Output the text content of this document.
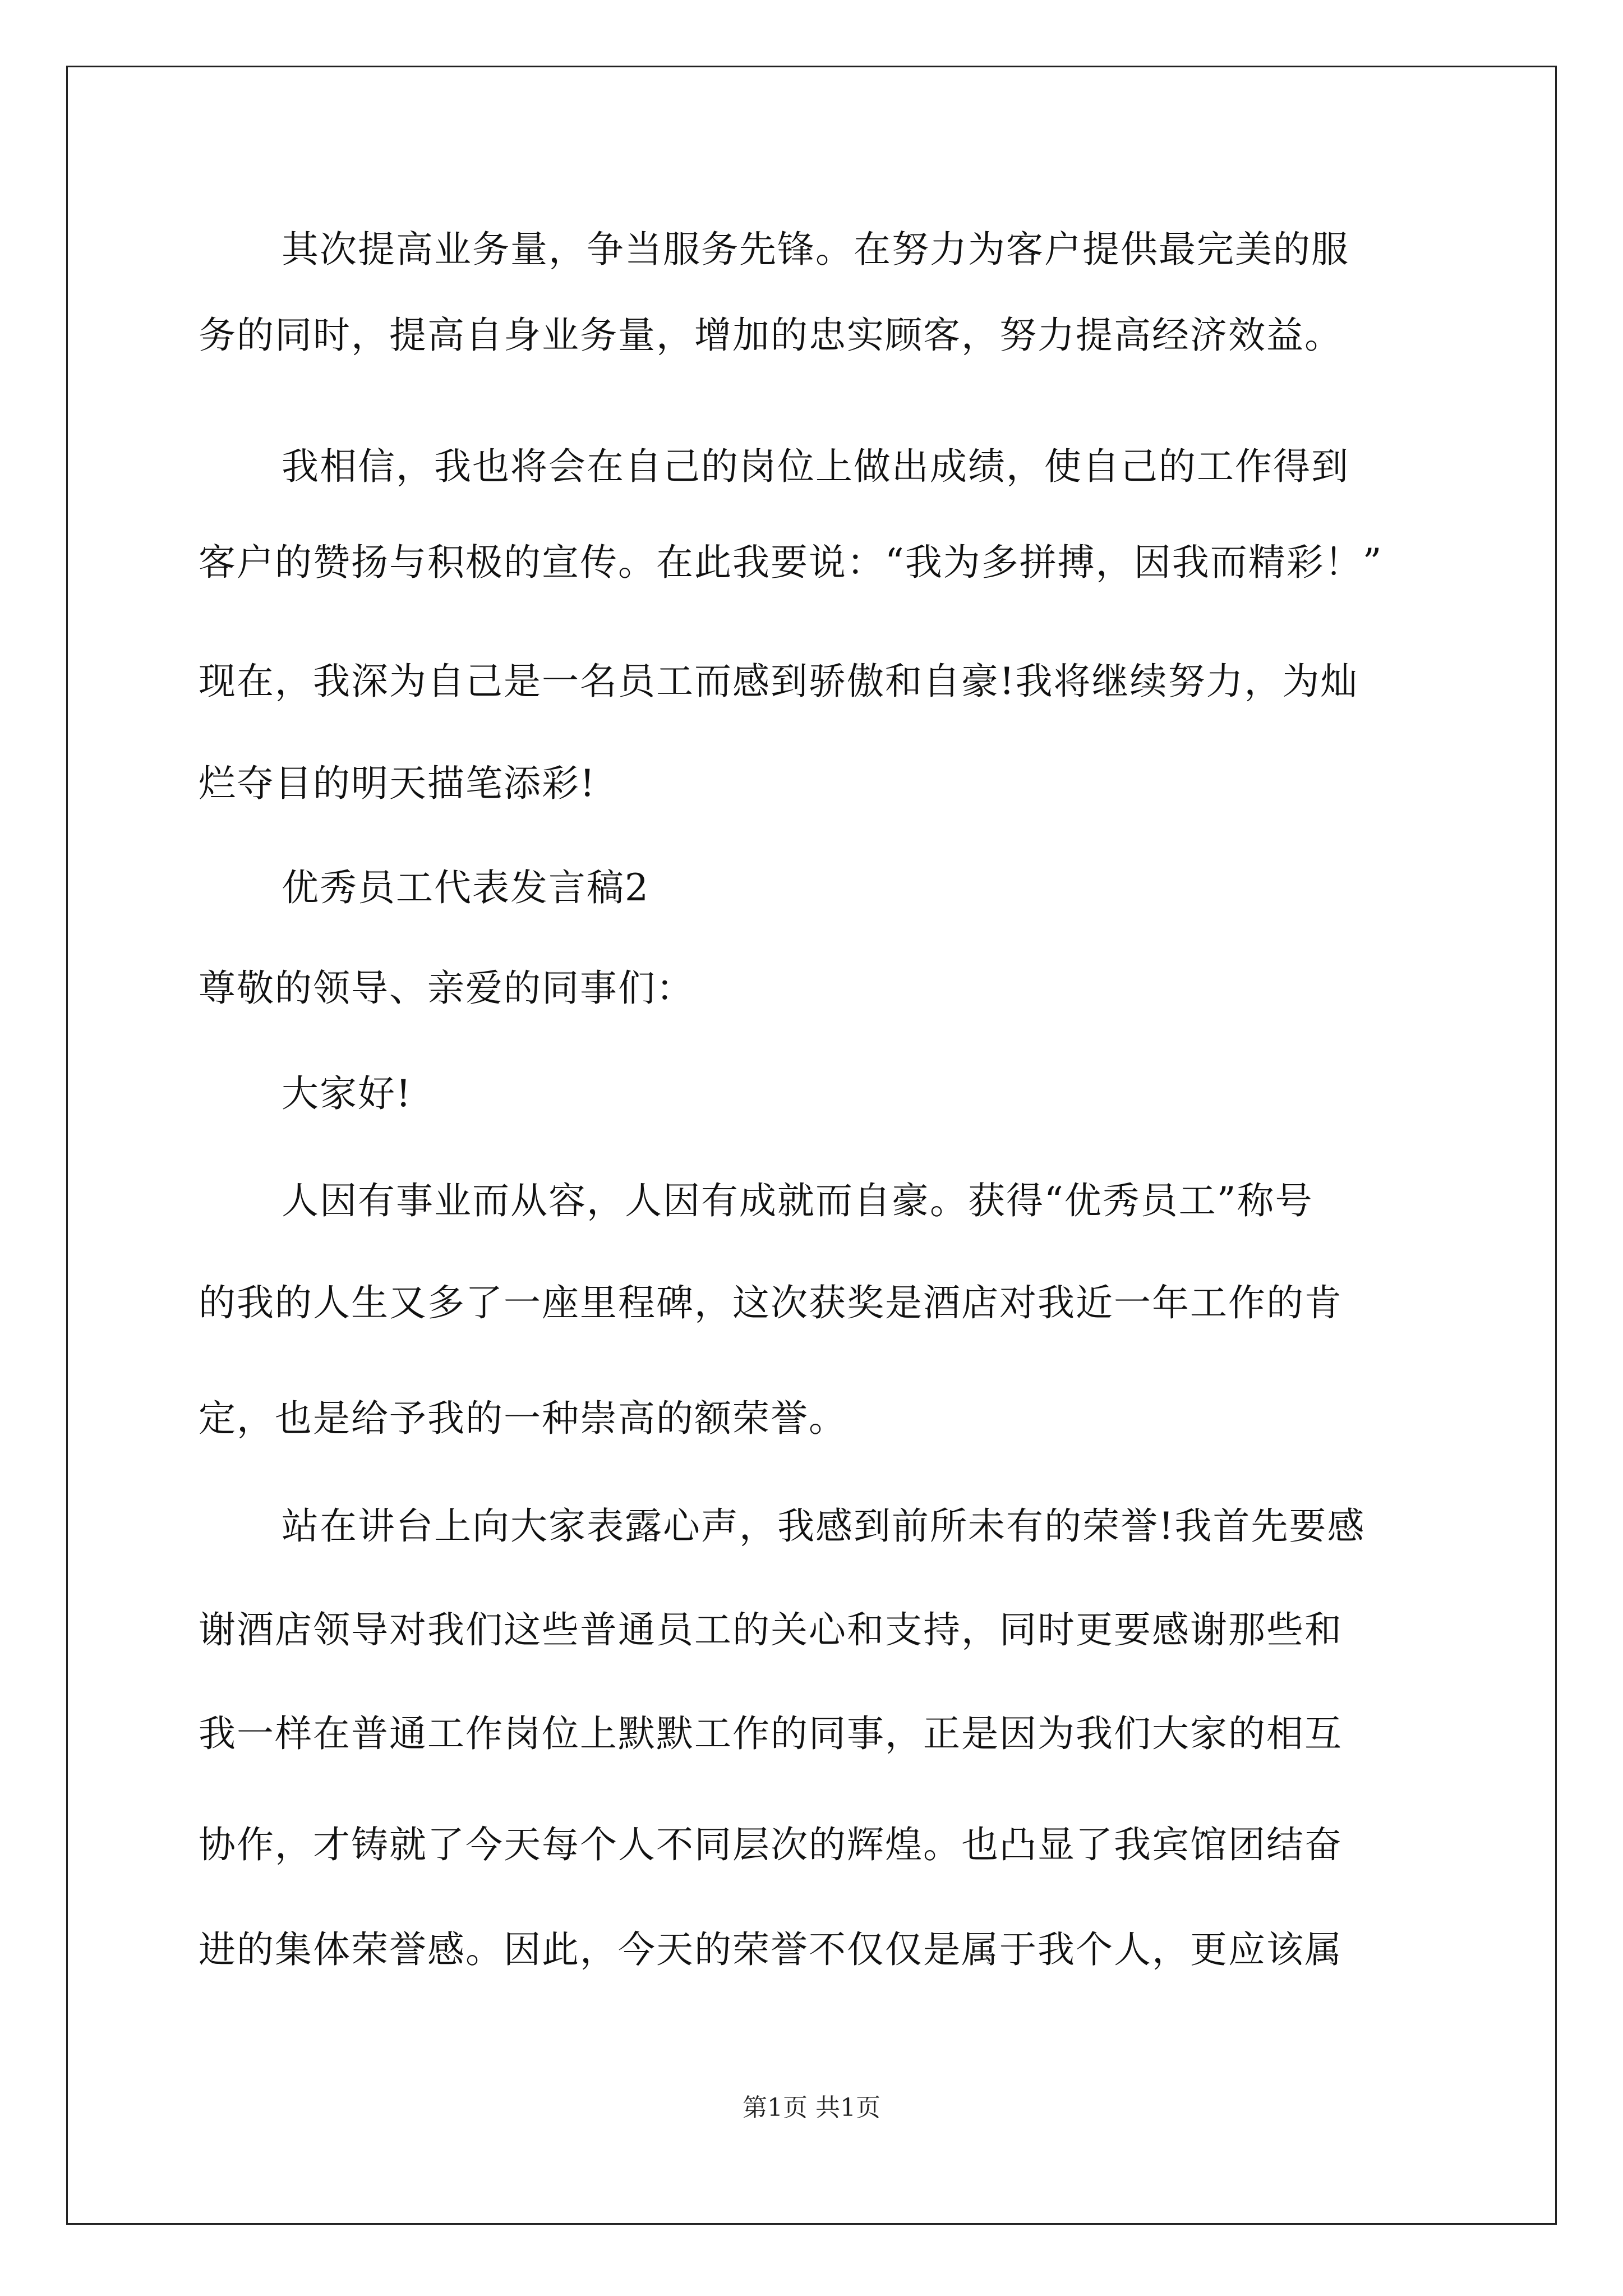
其次提高业务量，争当服务先锋。在努力为客户提供最完美的服
务的同时，提高自身业务量，增加的忠实顾客，努力提高经济效益。
我相信，我也将会在自己的岗位上做出成绩，使自己的工作得到
客户的赞扬与积极的宣传。在此我要说：“我为多拼搏，因我而精彩！”
现在，我深为自己是一名员工而感到骄傲和自豪!我将继续努力，为灿
烂夺目的明天描笔添彩!
优秀员工代表发言稿2
尊敬的领导、亲爱的同事们：
大家好!
人因有事业而从容，人因有成就而自豪。获得“优秀员工”称号
的我的人生又多了一座里程碑，这次获奖是酒店对我近一年工作的肯
定，也是给予我的一种崇高的额荣誉。
站在讲台上向大家表露心声，我感到前所未有的荣誉!我首先要感
谢酒店领导对我们这些普通员工的关心和支持，同时更要感谢那些和
我一样在普通工作岗位上默默工作的同事，正是因为我们大家的相互
协作，才铸就了今天每个人不同层次的辉煌。也凸显了我宾馆团结奋
进的集体荣誉感。因此，今天的荣誉不仅仅是属于我个人，更应该属
第1页 共1页
